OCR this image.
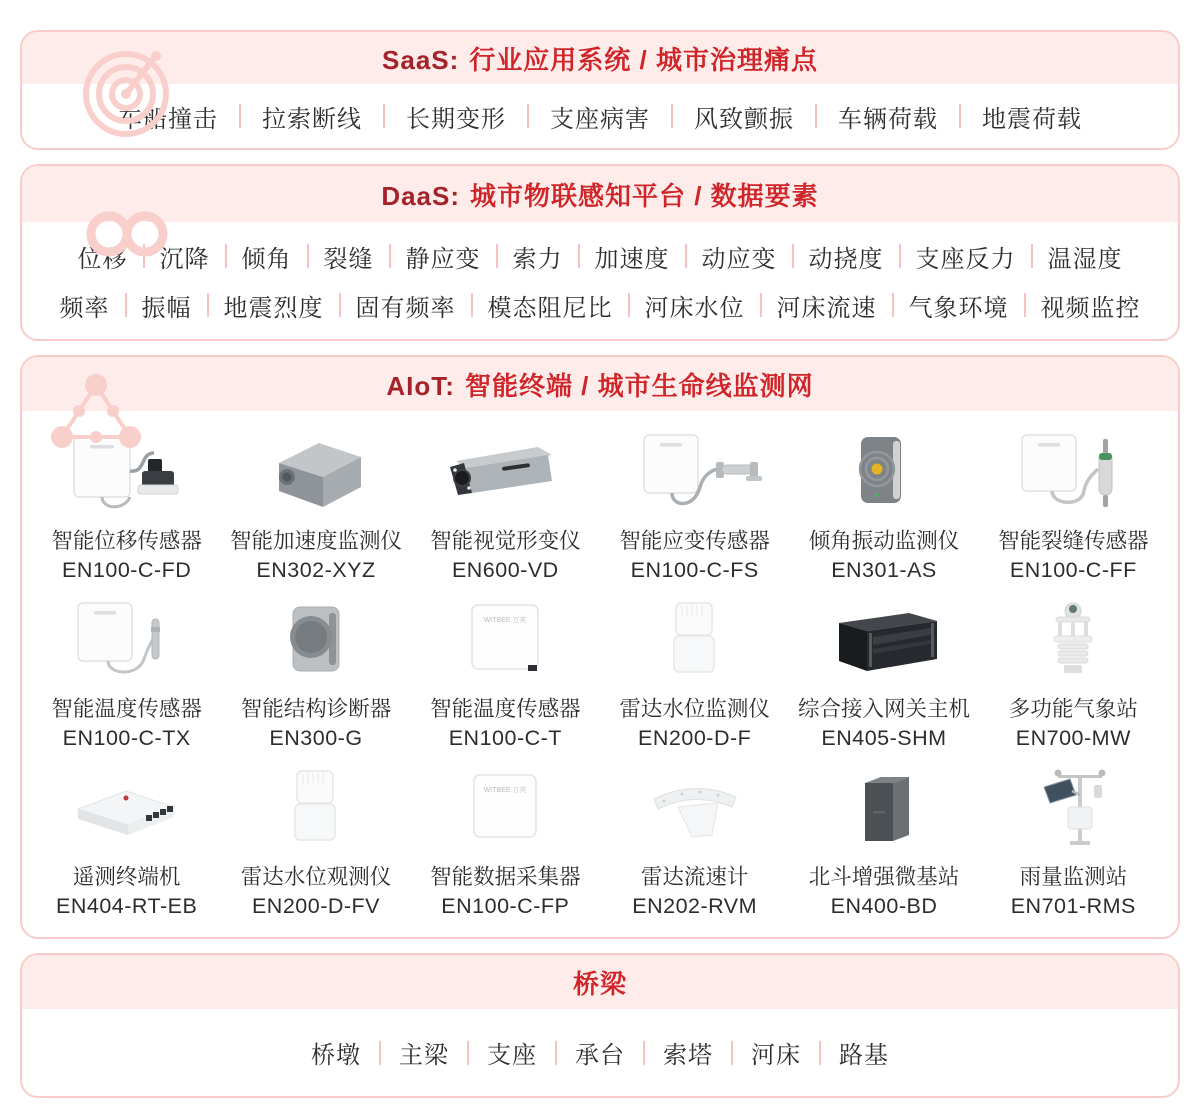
SaaS: 行业应用系统 / 城市治理痛点
车船撞击	拉索断线	长期变形	支座病害	风致颤振	车辆荷载	地震荷载
DaaS: 城市物联感知平台 / 数据要素
位移	沉降	倾角	裂缝	静应变	索力	加速度	动应变	动挠度	支座反力	温湿度
频率	振幅	地震烈度	固有频率	模态阻尼比	河床水位	河床流速	气象环境	视频监控
AIoT: 智能终端 / 城市生命线监测网
智能位移传感器
EN100-C-FD
智能加速度监测仪
EN302-XYZ
智能视觉形变仪
EN600-VD
智能应变传感器
EN100-C-FS
倾角振动监测仪
EN301-AS
智能裂缝传感器
EN100-C-FF
智能温度传感器
EN100-C-TX
智能结构诊断器
EN300-G
WITBEE 万宾
智能温度传感器
EN100-C-T
雷达水位监测仪
EN200-D-F
综合接入网关主机
EN405-SHM
多功能气象站
EN700-MW
遥测终端机
EN404-RT-EB
雷达水位观测仪
EN200-D-FV
WITBEE 万宾
智能数据采集器
EN100-C-FP
雷达流速计
EN202-RVM
北斗增强微基站
EN400-BD
雨量监测站
EN701-RMS
桥梁
桥墩	主梁	支座	承台	索塔	河床	路基
